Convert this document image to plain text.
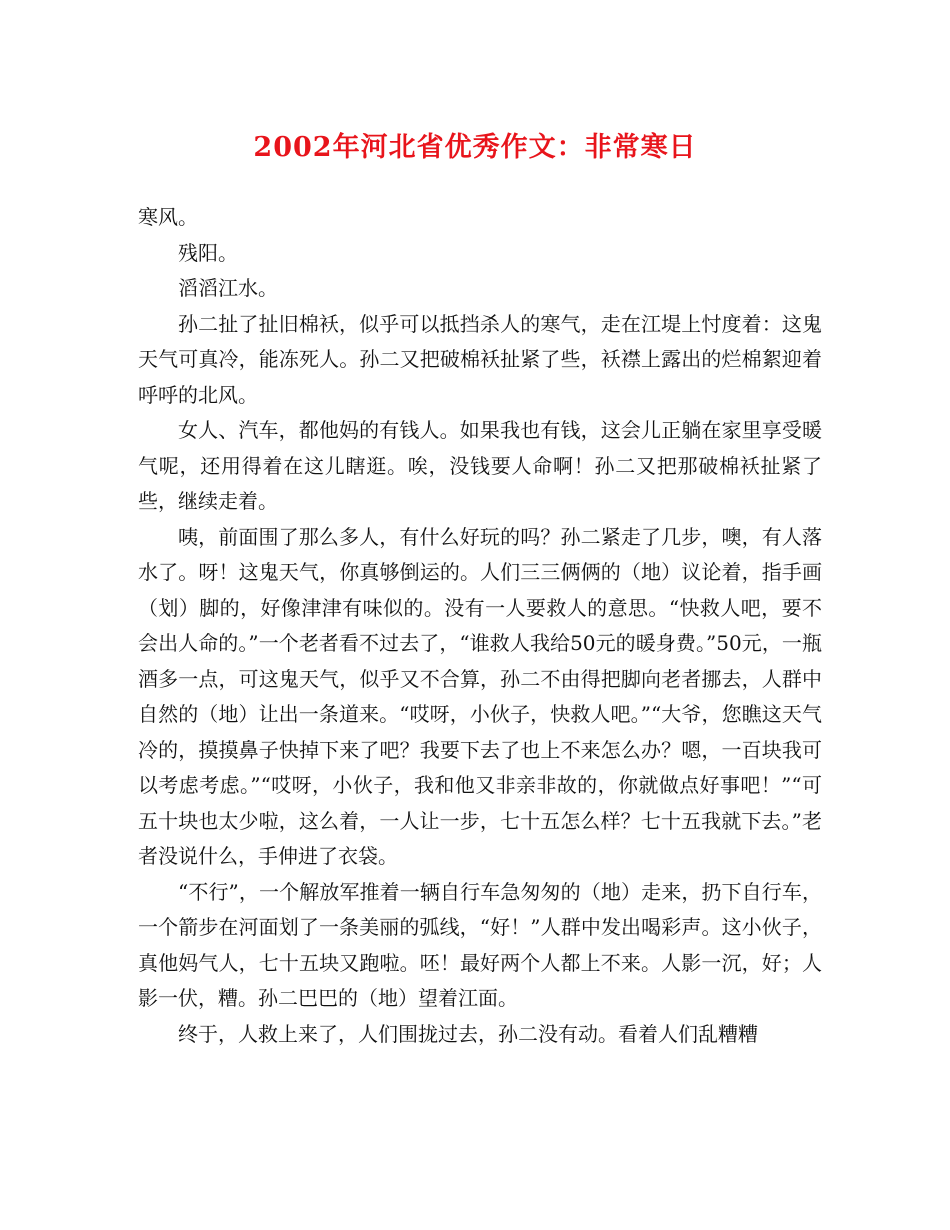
2002年河北省优秀作文：非常寒日

寒风。

残阳。

滔滔江水。

孙二扯了扯旧棉袄，似乎可以抵挡杀人的寒气，走在江堤上忖度着：这鬼天气可真冷，能冻死人。孙二又把破棉袄扯紧了些，袄襟上露出的烂棉絮迎着呼呼的北风。

女人、汽车，都他妈的有钱人。如果我也有钱，这会儿正躺在家里享受暖气呢，还用得着在这儿瞎逛。唉，没钱要人命啊！孙二又把那破棉袄扯紧了些，继续走着。

咦，前面围了那么多人，有什么好玩的吗？孙二紧走了几步，噢，有人落水了。呀！这鬼天气，你真够倒运的。人们三三俩俩的（地）议论着，指手画（划）脚的，好像津津有味似的。没有一人要救人的意思。“快救人吧，要不会出人命的。”一个老者看不过去了，“谁救人我给50元的暖身费。”50元，一瓶酒多一点，可这鬼天气，似乎又不合算，孙二不由得把脚向老者挪去，人群中自然的（地）让出一条道来。“哎呀，小伙子，快救人吧。”“大爷，您瞧这天气冷的，摸摸鼻子快掉下来了吧？我要下去了也上不来怎么办？嗯，一百块我可以考虑考虑。”“哎呀，小伙子，我和他又非亲非故的，你就做点好事吧！”“可五十块也太少啦，这么着，一人让一步，七十五怎么样？七十五我就下去。”老者没说什么，手伸进了衣袋。

“不行”，一个解放军推着一辆自行车急匆匆的（地）走来，扔下自行车，一个箭步在河面划了一条美丽的弧线，“好！”人群中发出喝彩声。这小伙子，真他妈气人，七十五块又跑啦。呸！最好两个人都上不来。人影一沉，好；人影一伏，糟。孙二巴巴的（地）望着江面。

终于，人救上来了，人们围拢过去，孙二没有动。看着人们乱糟糟
